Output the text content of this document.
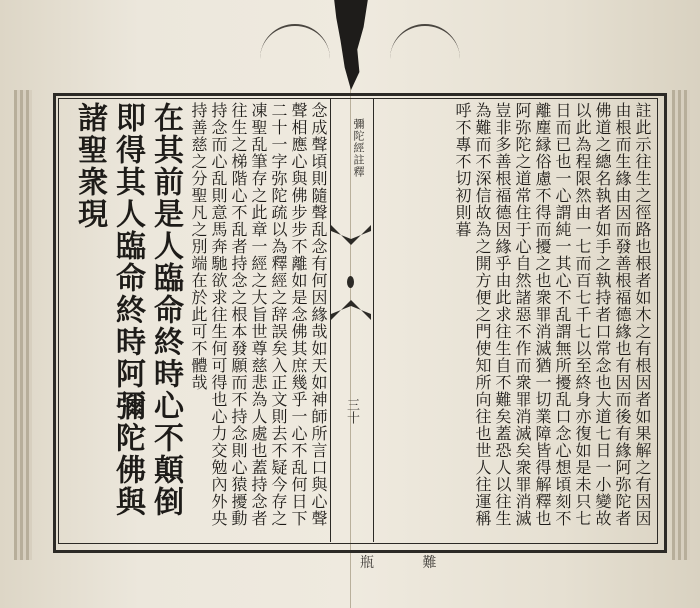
彌陀經註釋
三十
在其前是人臨命終時心不顛倒即得其人臨命終時阿彌陀佛與諸聖衆現	念成聲頃則隨聲乱念有何因緣哉如天如神師所言口與心聲聲相應心與佛步步不離如是念佛其庶幾乎一心不乱何日下二十一字弥陀疏以為釋經之辞誤矣入正文則去不疑今存之凍聖乱筆存之此章一經之大旨世尊慈悲為人處也蓋持念者往生之梯階心不乱者持念之根本發願而不持念則心猿擾動持念而心乱則意馬奔馳欲求往生何可得也心力交勉內外央持善慈之分聖凡之別端在於此可不體哉	註此示往生之徑路也根者如木之有根因者如果解之有因因由根而生緣由因而發善根福德緣也有因而後有緣阿弥陀者佛道之總名執者如手之執持者口常念也大道七日一小變故以此為程限然由一七而百七千七以至終身亦復如是未只七日而已也一心謂純一其心不乱謂無所擾乱口念心想頃刻不離塵縁俗慮不得而擾之也衆罪消滅猶一切業障皆得解釋也阿弥陀之道常住于心自然諸惡不作而衆罪消滅矣衆罪消滅豈非多善根福德因緣乎由此求往生自不難矣蓋恐人以往生為難而不深信故為之開方便之門使知所向往也世人往運稱呼不專不切初則暮
瓶 難
